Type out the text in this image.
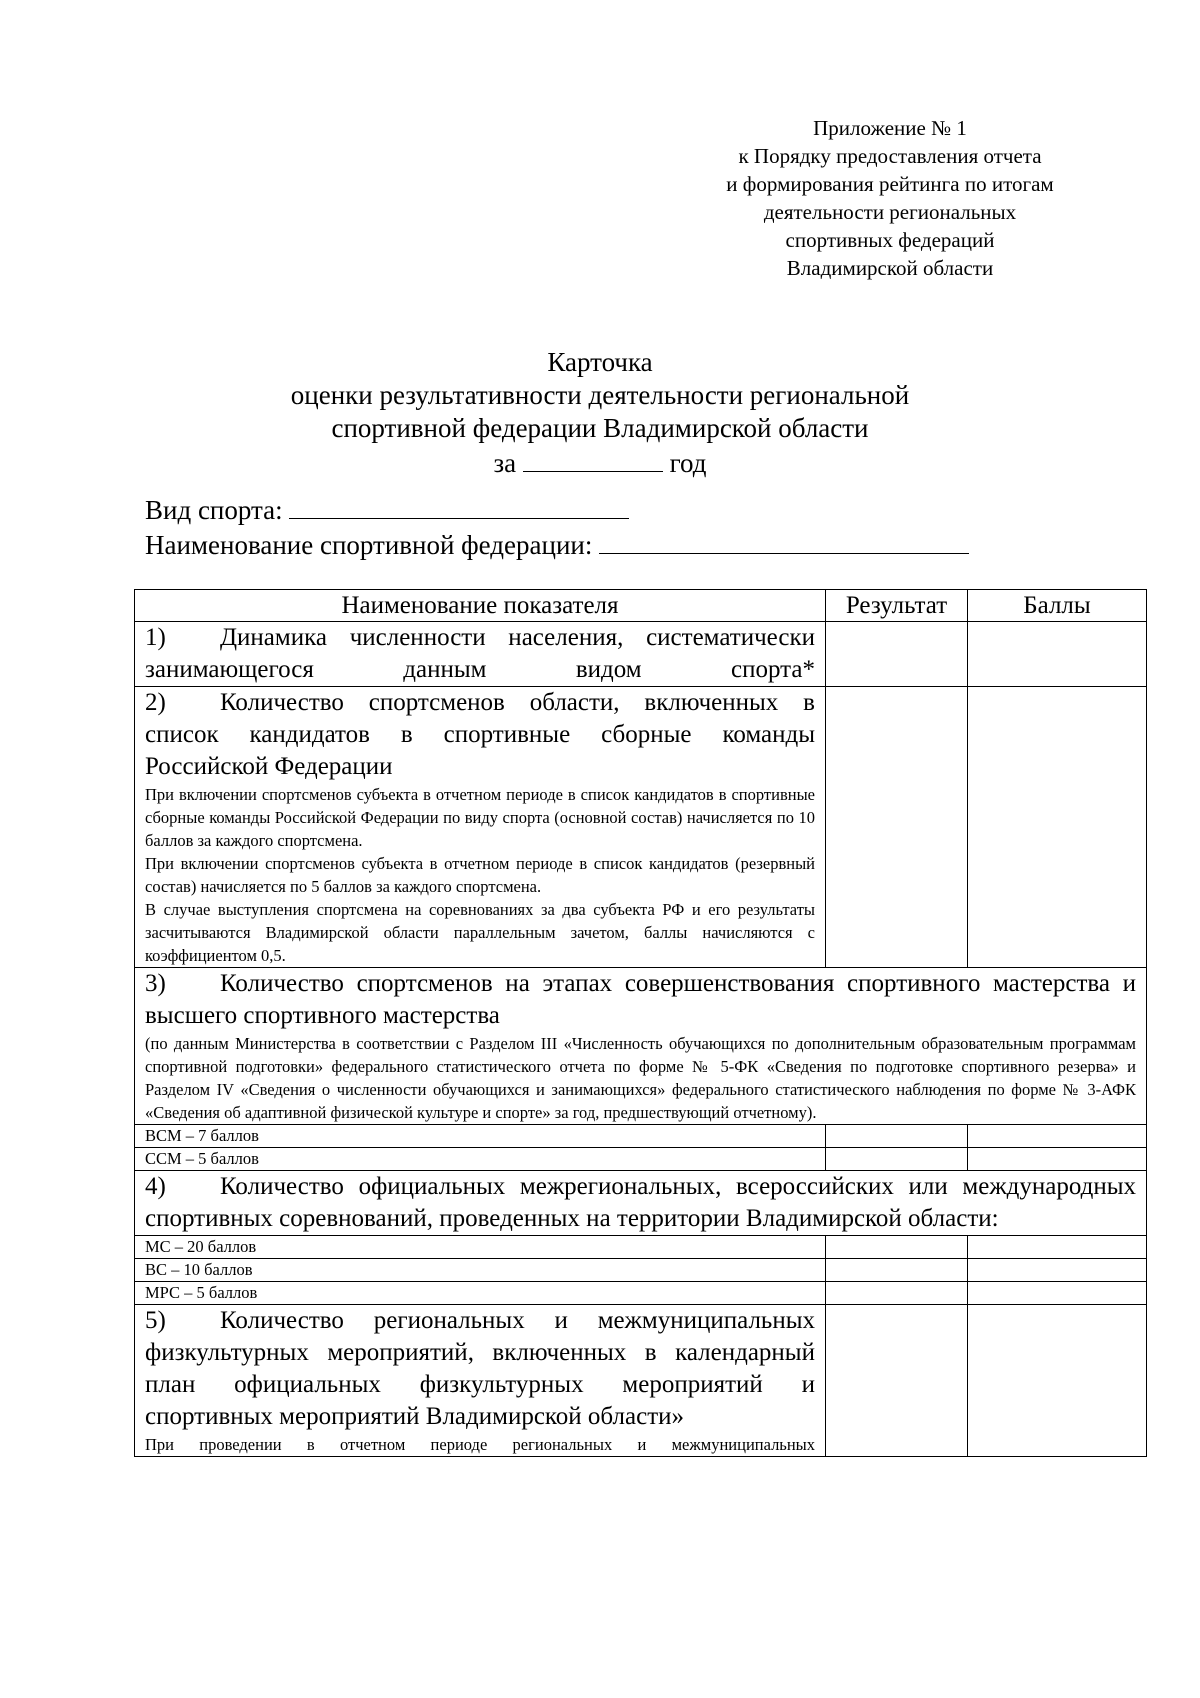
Приложение № 1
к Порядку предоставления отчета
и формирования рейтинга по итогам
деятельности региональных
спортивных федераций
Владимирской области
Карточка
оценки результативности деятельности региональной
спортивной федерации Владимирской области
за	год
Вид спорта:
Наименование спортивной федерации:
Наименование показателя	Результат	Баллы

1) Динамика численности населения, систематически занимающегося данным видом спорта*		

2) Количество спортсменов области, включенных в список кандидатов в спортивные сборные команды Российской Федерации

При включении спортсменов субъекта в отчетном периоде в список кандидатов в спортивные сборные команды Российской Федерации по виду спорта (основной состав) начисляется по 10 баллов за каждого спортсмена.

При включении спортсменов субъекта в отчетном периоде в список кандидатов (резервный состав) начисляется по 5 баллов за каждого спортсмена.

В случае выступления спортсмена на соревнованиях за два субъекта РФ и его результаты засчитываются Владимирской области параллельным зачетом, баллы начисляются с коэффициентом 0,5.		

3) Количество спортсменов на этапах совершенствования спортивного мастерства и высшего спортивного мастерства

(по данным Министерства в соответствии с Разделом III «Численность обучающихся по дополнительным образовательным программам спортивной подготовки» федерального статистического отчета по форме № 5-ФК «Сведения по подготовке спортивного резерва» и Разделом IV «Сведения о численности обучающихся и занимающихся» федерального статистического наблюдения по форме № 3-АФК «Сведения об адаптивной физической культуре и спорте» за год, предшествующий отчетному).		

ВСМ – 7 баллов		
ССМ – 5 баллов		

4) Количество официальных межрегиональных, всероссийских или международных спортивных соревнований, проведенных на территории Владимирской области:		

МС – 20 баллов		
ВС – 10 баллов		
МРС – 5 баллов		

5) Количество региональных и межмуниципальных физкультурных мероприятий, включенных в календарный план официальных физкультурных мероприятий и спортивных мероприятий Владимирской области»

При проведении в отчетном периоде региональных и межмуниципальных		
